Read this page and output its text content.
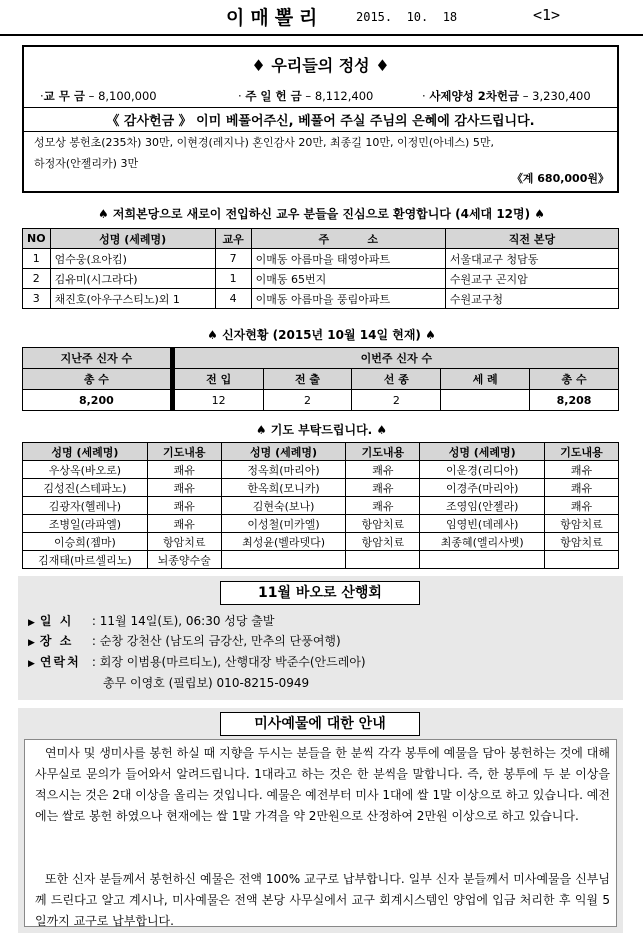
이매뽈리	2015.  10.  18	<1>
♦ 우리들의 정성 ♦
·교 무 금 – 8,100,000	· 주 일 헌 금 – 8,112,400	· 사제양성 2차헌금 – 3,230,400
《 감사헌금 》 이미 베풀어주신, 베풀어 주실 주님의 은혜에 감사드립니다.
성모상 봉헌초(235차) 30만, 이현경(레지나) 혼인감사 20만, 최종길 10만, 이정민(아네스) 5만,
하정자(안젤리카) 3만
《계 680,000원》
♠ 저희본당으로 새로이 전입하신 교우 분들을 진심으로 환영합니다 (4세대 12명) ♠
NO	성명 (세례명)	교우	주          소	직전 본당
1	엄수웅(요아킴)	7	이매동 아름마을 태영아파트	서울대교구 청담동
2	김유미(시그라다)	1	이매동 65번지	수원교구 곤지암
3	채진호(아우구스티노)외 1	4	이매동 아름마을 풍림아파트	수원교구청
♠ 신자현황 (2015년 10월 14일 현재) ♠
지난주 신자 수		이번주 신자 수				
총 수		전 입	전 출	선 종	세 례	총 수
8,200		12	2	2		8,208
♠ 기도 부탁드립니다. ♠
성명 (세례명)	기도내용	성명 (세례명)	기도내용	성명 (세례명)	기도내용
우상옥(바오로)	쾌유	정옥희(마리아)	쾌유	이운경(리디아)	쾌유
김성진(스테파노)	쾌유	한옥희(모니카)	쾌유	이경주(마리아)	쾌유
김광자(헬레나)	쾌유	김현숙(보나)	쾌유	조영임(안젤라)	쾌유
조병일(라파엘)	쾌유	이성철(미카엘)	항암치료	임영빈(데레사)	항암치료
이승희(젬마)	항암치료	최성윤(벨라뎃다)	항암치료	최종혜(엘리사벳)	항암치료
김재태(마르셀리노)	뇌종양수술				
11월 바오로 산행회
▶ 일 시 : 11월 14일(토), 06:30 성당 출발
▶ 장 소 : 순창 강천산 (남도의 금강산, 만추의 단풍여행)
▶ 연락처 : 회장 이범용(마르티노), 산행대장 박준수(안드레아)
총무 이영호 (필립보) 010-8215-0949
미사예물에 대한 안내
연미사 및 생미사를 봉헌 하실 때 지향을 두시는 분들을 한 분씩 각각 봉투에 예물을 담아 봉헌하는 것에 대해 사무실로 문의가 들어와서 알려드립니다. 1대라고 하는 것은 한 분씩을 말합니다. 즉, 한 봉투에 두 분 이상을 적으시는 것은 2대 이상을 올리는 것입니다. 예물은 예전부터 미사 1대에 쌀 1말 이상으로 하고 있습니다. 예전에는 쌀로 봉헌 하였으나 현재에는 쌀 1말 가격을 약 2만원으로 산정하여 2만원 이상으로 하고 있습니다.
또한 신자 분들께서 봉헌하신 예물은 전액 100% 교구로 납부합니다. 일부 신자 분들께서 미사예물을 신부님께 드린다고 알고 계시나, 미사예물은 전액 본당 사무실에서 교구 회계시스템인 양업에 입금 처리한 후 익월 5일까지 교구로 납부합니다.
